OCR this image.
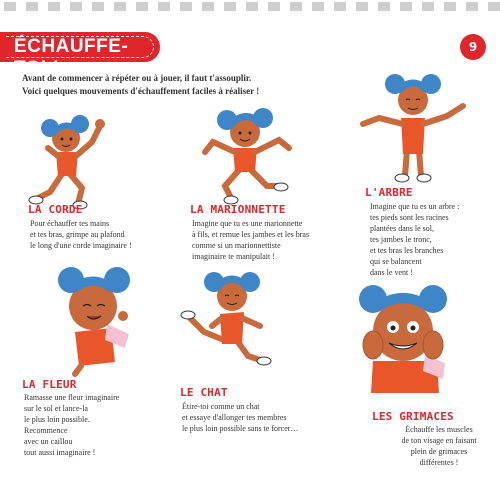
9
ÉCHAUFFE-TOI !
Avant de commencer à répéter ou à jouer, il faut t'assouplir.
Voici quelques mouvements d'échauffement faciles à réaliser !
LA CORDE
Pour échauffer tes mains
et tes bras, grimpe au plafond
le long d'une corde imaginaire !
LA MARIONNETTE
Imagine que tu es une marionnette
à fils, et remue les jambes et les bras
comme si un marionnettiste
imaginaire te manipulait !
L'ARBRE
Imagine que tu es un arbre :
tes pieds sont les racines
plantées dans le sol,
tes jambes le tronc,
et tes bras les branches
qui se balancent
dans le vent !
LA FLEUR
Ramasse une fleur imaginaire
sur le sol et lance-la
le plus loin possible.
Recommence
avec un caillou
tout aussi imaginaire !
LE CHAT
Étire-toi comme un chat
et essaye d'allonger tes membres
le plus loin possible sans te forcer…
LES GRIMACES
Échauffe les muscles
de ton visage en faisant
plein de grimaces
différentes !
